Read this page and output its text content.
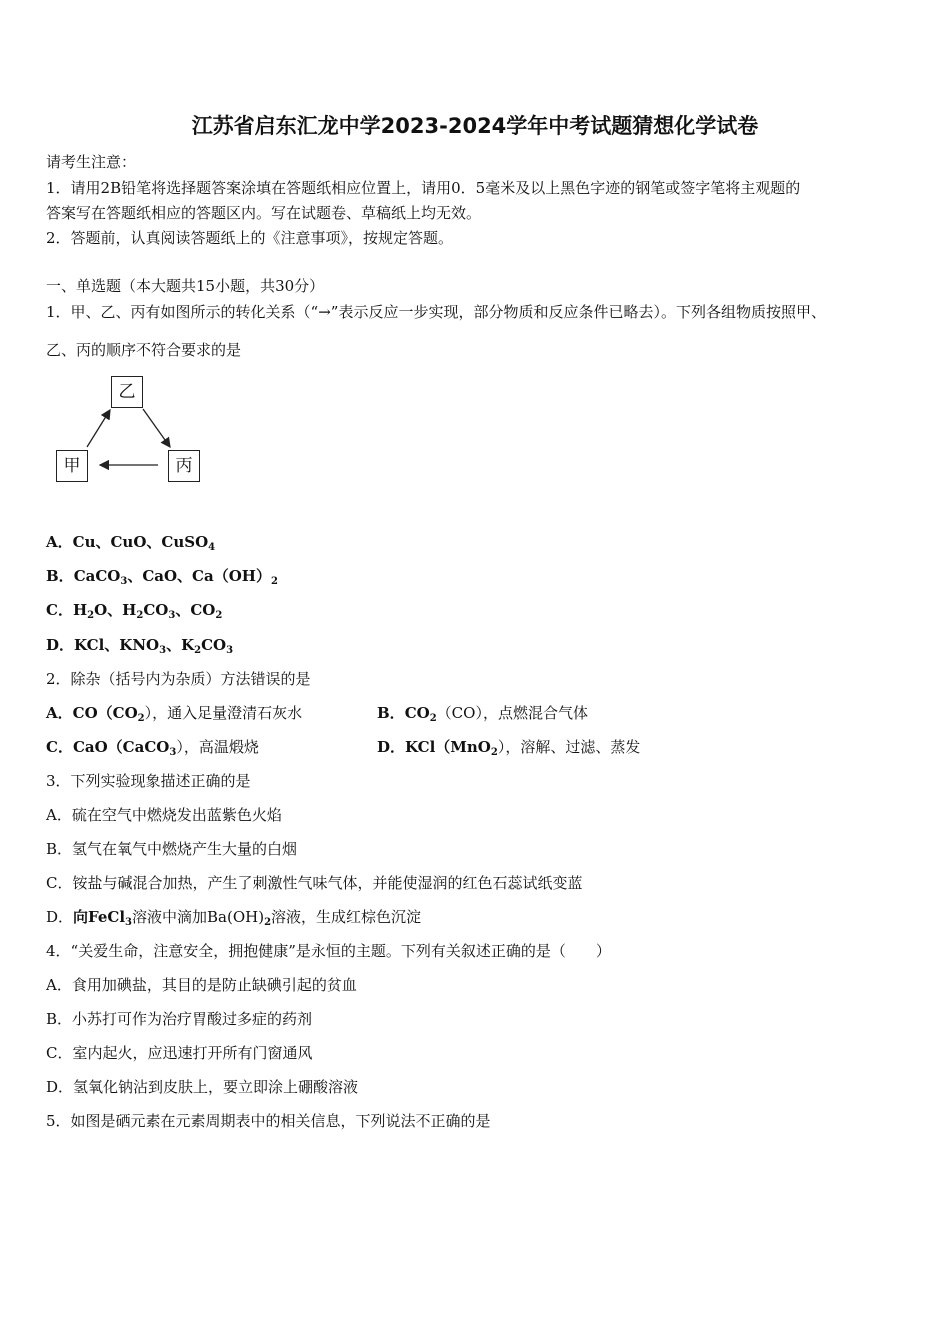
江苏省启东汇龙中学2023-2024学年中考试题猜想化学试卷
请考生注意：
1．请用2B铅笔将选择题答案涂填在答题纸相应位置上，请用0．5毫米及以上黑色字迹的钢笔或签字笔将主观题的
答案写在答题纸相应的答题区内。写在试题卷、草稿纸上均无效。
2．答题前，认真阅读答题纸上的《注意事项》，按规定答题。
一、单选题（本大题共15小题，共30分）
1．甲、乙、丙有如图所示的转化关系（“→”表示反应一步实现，部分物质和反应条件已略去）。下列各组物质按照甲、
乙、丙的顺序不符合要求的是
乙
甲	丙
A．Cu、CuO、CuSO$_4$
B．CaCO$_3$、CaO、$Ca(OH)_2$
C．$H_2O$、$H_2CO_3$、$CO_2$
D．KCl、$KNO_3$、$K_2CO_3$
2．除杂（括号内为杂质）方法错误的是
A．$CO(CO_2)$，通入足量澄清石灰水	B．$CO_2(CO)$，点燃混合气体
C．CaO（CaCO$_3$），高温煅烧	D．KCl（MnO$_2$），溶解、过滤、蒸发
3．下列实验现象描述正确的是
A．硫在空气中燃烧发出蓝紫色火焰
B．氢气在氧气中燃烧产生大量的白烟
C．铵盐与碱混合加热，产生了刺激性气味气体，并能使湿润的红色石蕊试纸变蓝
D．向FeCl$_3$溶液中滴加$Ba(OH)_2$溶液，生成红棕色沉淀
4．“关爱生命，注意安全，拥抱健康”是永恒的主题。下列有关叙述正确的是（　　）
A．食用加碘盐，其目的是防止缺碘引起的贫血
B．小苏打可作为治疗胃酸过多症的药剂
C．室内起火，应迅速打开所有门窗通风
D．氢氧化钠沾到皮肤上，要立即涂上硼酸溶液
5．如图是硒元素在元素周期表中的相关信息，下列说法不正确的是
